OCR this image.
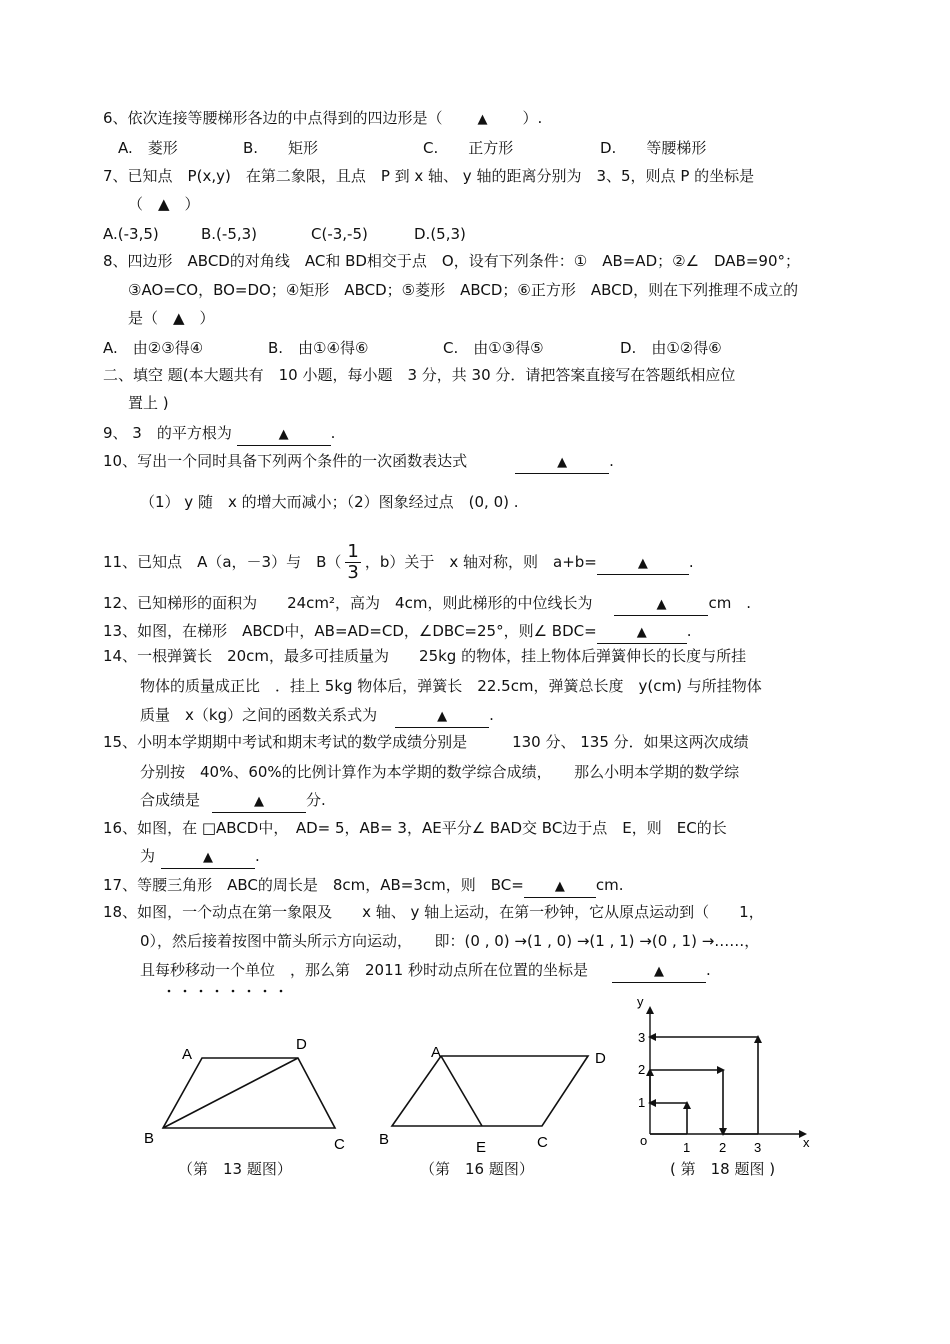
6、依次连接等腰梯形各边的中点得到的四边形是（	▲ ）.
A.　菱形	B.　　矩形	C.　　正方形	D.　　等腰梯形
7、已知点　P(x,y)　在第二象限，且点　P 到 x 轴、 y 轴的距离分别为　3、5，则点 P 的坐标是
（　▲　）
A.(-3,5)	B.(-5,3)	C(-3,-5)	D.(5,3)
8、四边形　ABCD的对角线　AC和 BD相交于点　O，设有下列条件：①　AB=AD；②∠　DAB=90°；
③AO=CO，BO=DO；④矩形　ABCD；⑤菱形　ABCD；⑥正方形　ABCD，则在下列推理不成立的
是（　▲　）
A.　由②③得④	B.　由①④得⑥	C.　由①③得⑤	D.　由①②得⑥
二、填空 题(本大题共有　10 小题，每小题　3 分，共 30 分．请把答案直接写在答题纸相应位
置上 )
9、 3　的平方根为	▲	.
10、写出一个同时具备下列两个条件的一次函数表达式	▲	.
（1） y 随　x 的增大而减小；（2）图象经过点　(0, 0) .
11、已知点　A（a，－3）与　$B( \frac{1}{3}$ ，b）关于　x 轴对称，则　a+b=	▲	.
12、已知梯形的面积为　　24cm²，高为　4cm，则此梯形的中位线长为	▲	cm　.
13、如图，在梯形　ABCD中，AB=AD=CD，∠DBC=25°，则∠ BDC=	▲	.
14、一根弹簧长　20cm，最多可挂质量为　　25kg 的物体，挂上物体后弹簧伸长的长度与所挂
物体的质量成正比　．挂上 5kg 物体后，弹簧长　22.5cm，弹簧总长度　y(cm) 与所挂物体
质量　x（kg）之间的函数关系式为	▲	.
15、小明本学期期中考试和期末考试的数学成绩分别是　　　130 分、 135 分．如果这两次成绩
分别按　40%、60%的比例计算作为本学期的数学综合成绩，　　那么小明本学期的数学综
合成绩是	▲	分.
16、如图，在 □ABCD中，　AD= 5，AB= 3，AE平分∠ BAD交 BC边于点　E，则　EC的长
为	▲	.
17、等腰三角形　ABC的周长是　8cm，AB=3cm，则　BC= ▲ cm.
18、如图，一个动点在第一象限及　　x 轴、 y 轴上运动，在第一秒钟，它从原点运动到（　　1，
0），然后接着按图中箭头所示方向运动，　　即：(0 , 0) →(1 , 0) →(1 , 1) →(0 , 1) →……，
且每秒移动一个单位　，那么第　2011 秒时动点所在位置的坐标是	▲	.
A
D
B	C
（第　13 题图）
A	D
B	E	C
（第　16 题图）
y
x
o	1 2 3
1
2
3
( 第　18 题图 )
